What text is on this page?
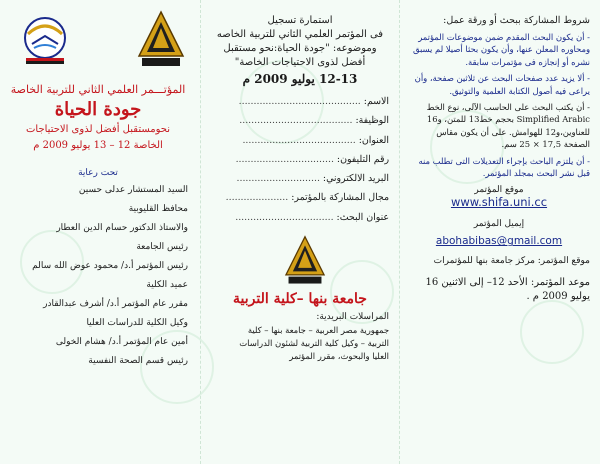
المؤتـــمر العلمي الثاني للتربية الخاصة
جودة الحياة
نحومستقبل أفضل لذوى الاحتياجات
الخاصة 12 – 13 يوليو 2009 م
تحت رعاية
السيد المستشار عدلى حسين
محافظ القليوبية
والاستاذ الدكتور حسام الدين العطار
رئيس الجامعة
رئيس المؤتمر أ.د/ محمود عوض الله سالم
عميد الكلية
مقرر عام المؤتمر أ.د/ أشرف عبدالقادر
وكيل الكلية للدراسات العليا
أمين عام المؤتمر أ.د/ هشام الخولى
رئيس قسم الصحة النفسية
استمارة تسجيل
فى المؤتمر العلمي الثاني للتربية الخاصه
وموضوعه: "جودة الحياة:نحو مستقبل
أفضل لذوى الاحتياجات الخاصة"
12-13 يوليو 2009 م
الاسم: .........................................
الوظيفة: ......................................
العنوان: ......................................
رقم التليفون: .................................
البريد الالكتروني: ............................
مجال المشاركة بالمؤتمر: .....................
عنوان البحث: .................................
جامعة بنها –كلية التربية
المراسلات البريدية:
جمهورية مصر العربية – جامعة بنها – كلية
التربية – وكيل كلية التربية لشئون الدراسات
العليا والبحوث، مقرر المؤتمر
شروط المشاركة ببحث أو ورقة عمل:
- أن يكون البحث المقدم ضمن موضوعات المؤتمر ومحاوره المعلن عنها، وأن يكون بحثا أصيلا لم يسبق نشره أو إنجازه فى مؤتمرات سابقة.
- ألا يزيد عدد صفحات البحث عن ثلاثين صفحة، وأن يراعى فيه أصول الكتابة العلمية والتوثيق.
- أن يكتب البحث على الحاسب الآلى، نوع الخط Simplified Arabic بحجم خط13 للمتن، و16 للعناوين،و12 للهوامش. على أن يكون مقاس الصفحة 17,5 × 25 سم.
- أن يلتزم الباحث بإجراء التعديلات التى تطلب منه قبل نشر البحث بمجلد المؤتمر.
موقع المؤتمر
www.shifa.uni.cc
إيميل المؤتمر
abohabibas@gmail.com
موقع المؤتمر: مركز جامعة بنها للمؤتمرات
موعد المؤتمر: الأحد 12– إلى الاثنين 16 يوليو 2009 م .
